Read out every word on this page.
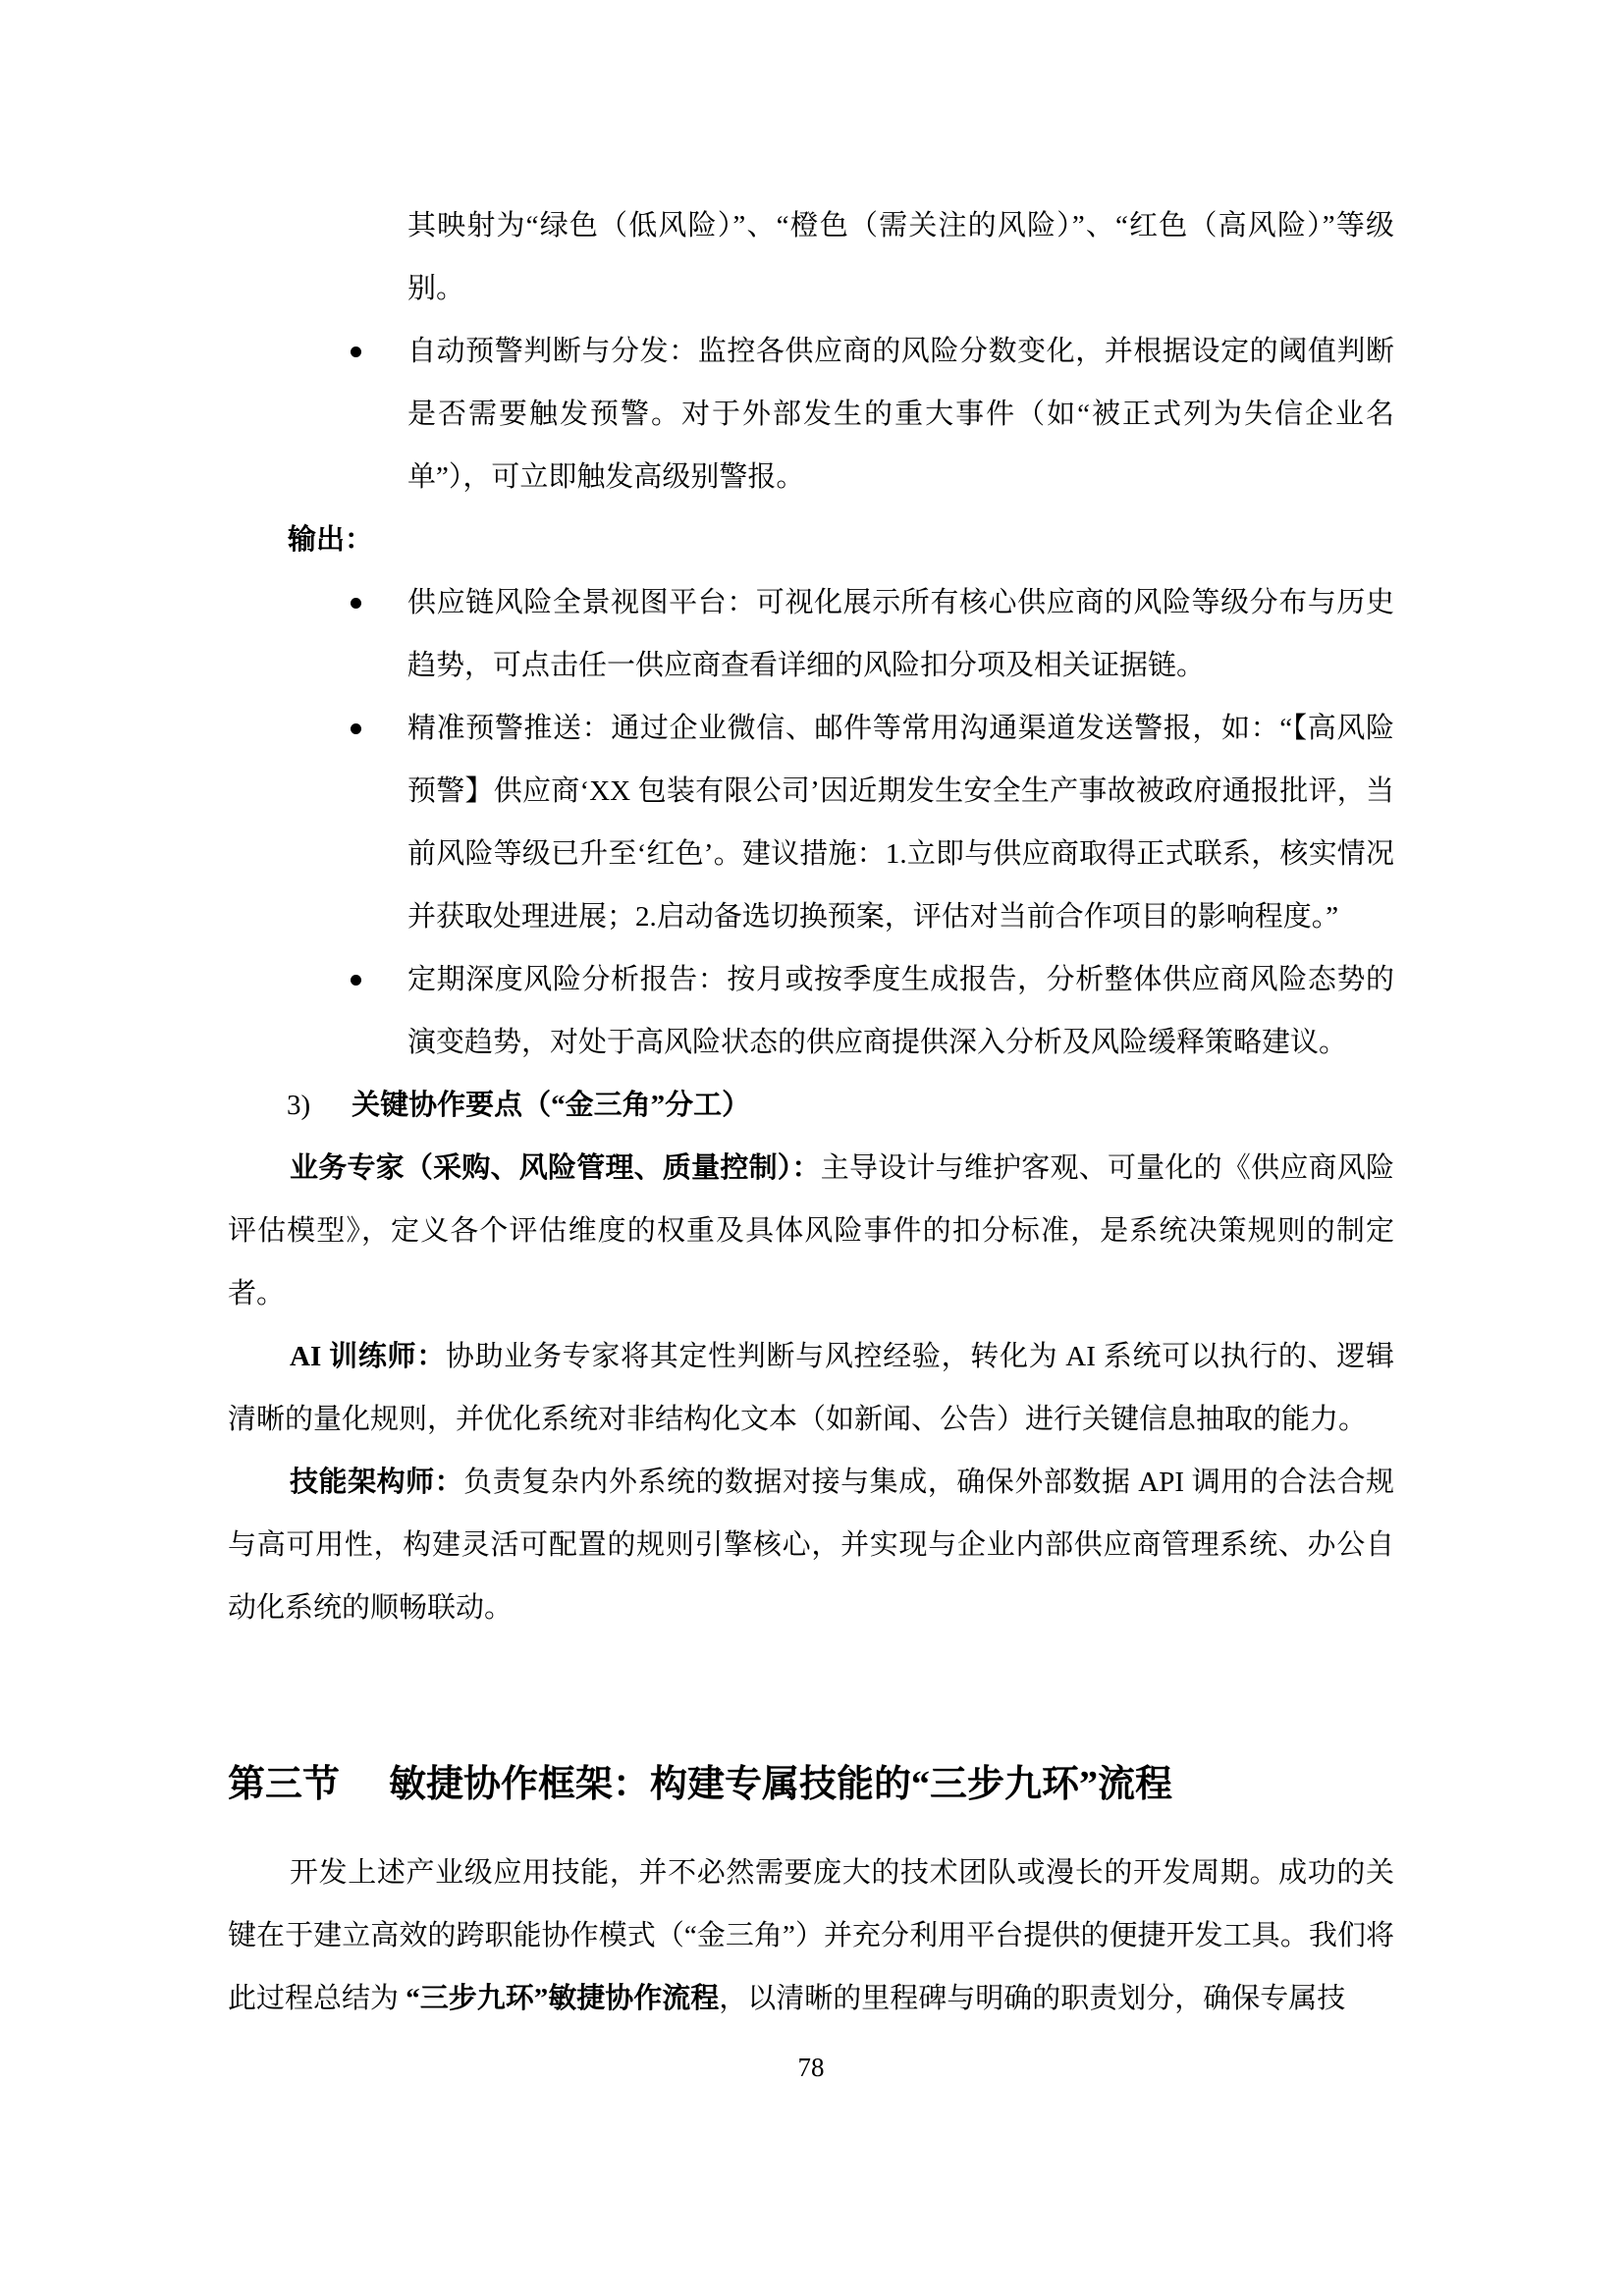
其映射为“绿色（低风险）”、“橙色（需关注的风险）”、“红色（高风险）”等级别。
自动预警判断与分发：监控各供应商的风险分数变化，并根据设定的阈值判断是否需要触发预警。对于外部发生的重大事件（如“被正式列为失信企业名单”），可立即触发高级别警报。
输出：
供应链风险全景视图平台：可视化展示所有核心供应商的风险等级分布与历史趋势，可点击任一供应商查看详细的风险扣分项及相关证据链。
精准预警推送：通过企业微信、邮件等常用沟通渠道发送警报，如：“【高风险预警】供应商‘XX 包装有限公司’因近期发生安全生产事故被政府通报批评，当前风险等级已升至‘红色’。建议措施：1.立即与供应商取得正式联系，核实情况并获取处理进展；2.启动备选切换预案，评估对当前合作项目的影响程度。”
定期深度风险分析报告：按月或按季度生成报告，分析整体供应商风险态势的演变趋势，对处于高风险状态的供应商提供深入分析及风险缓释策略建议。
3) 关键协作要点（“金三角”分工）
业务专家（采购、风险管理、质量控制）：主导设计与维护客观、可量化的《供应商风险评估模型》，定义各个评估维度的权重及具体风险事件的扣分标准，是系统决策规则的制定者。
AI 训练师：协助业务专家将其定性判断与风控经验，转化为 AI 系统可以执行的、逻辑清晰的量化规则，并优化系统对非结构化文本（如新闻、公告）进行关键信息抽取的能力。
技能架构师：负责复杂内外系统的数据对接与集成，确保外部数据 API 调用的合法合规与高可用性，构建灵活可配置的规则引擎核心，并实现与企业内部供应商管理系统、办公自动化系统的顺畅联动。
第三节 敏捷协作框架：构建专属技能的“三步九环”流程
开发上述产业级应用技能，并不必然需要庞大的技术团队或漫长的开发周期。成功的关键在于建立高效的跨职能协作模式（“金三角”）并充分利用平台提供的便捷开发工具。我们将此过程总结为 “三步九环”敏捷协作流程，以清晰的里程碑与明确的职责划分，确保专属技
78
